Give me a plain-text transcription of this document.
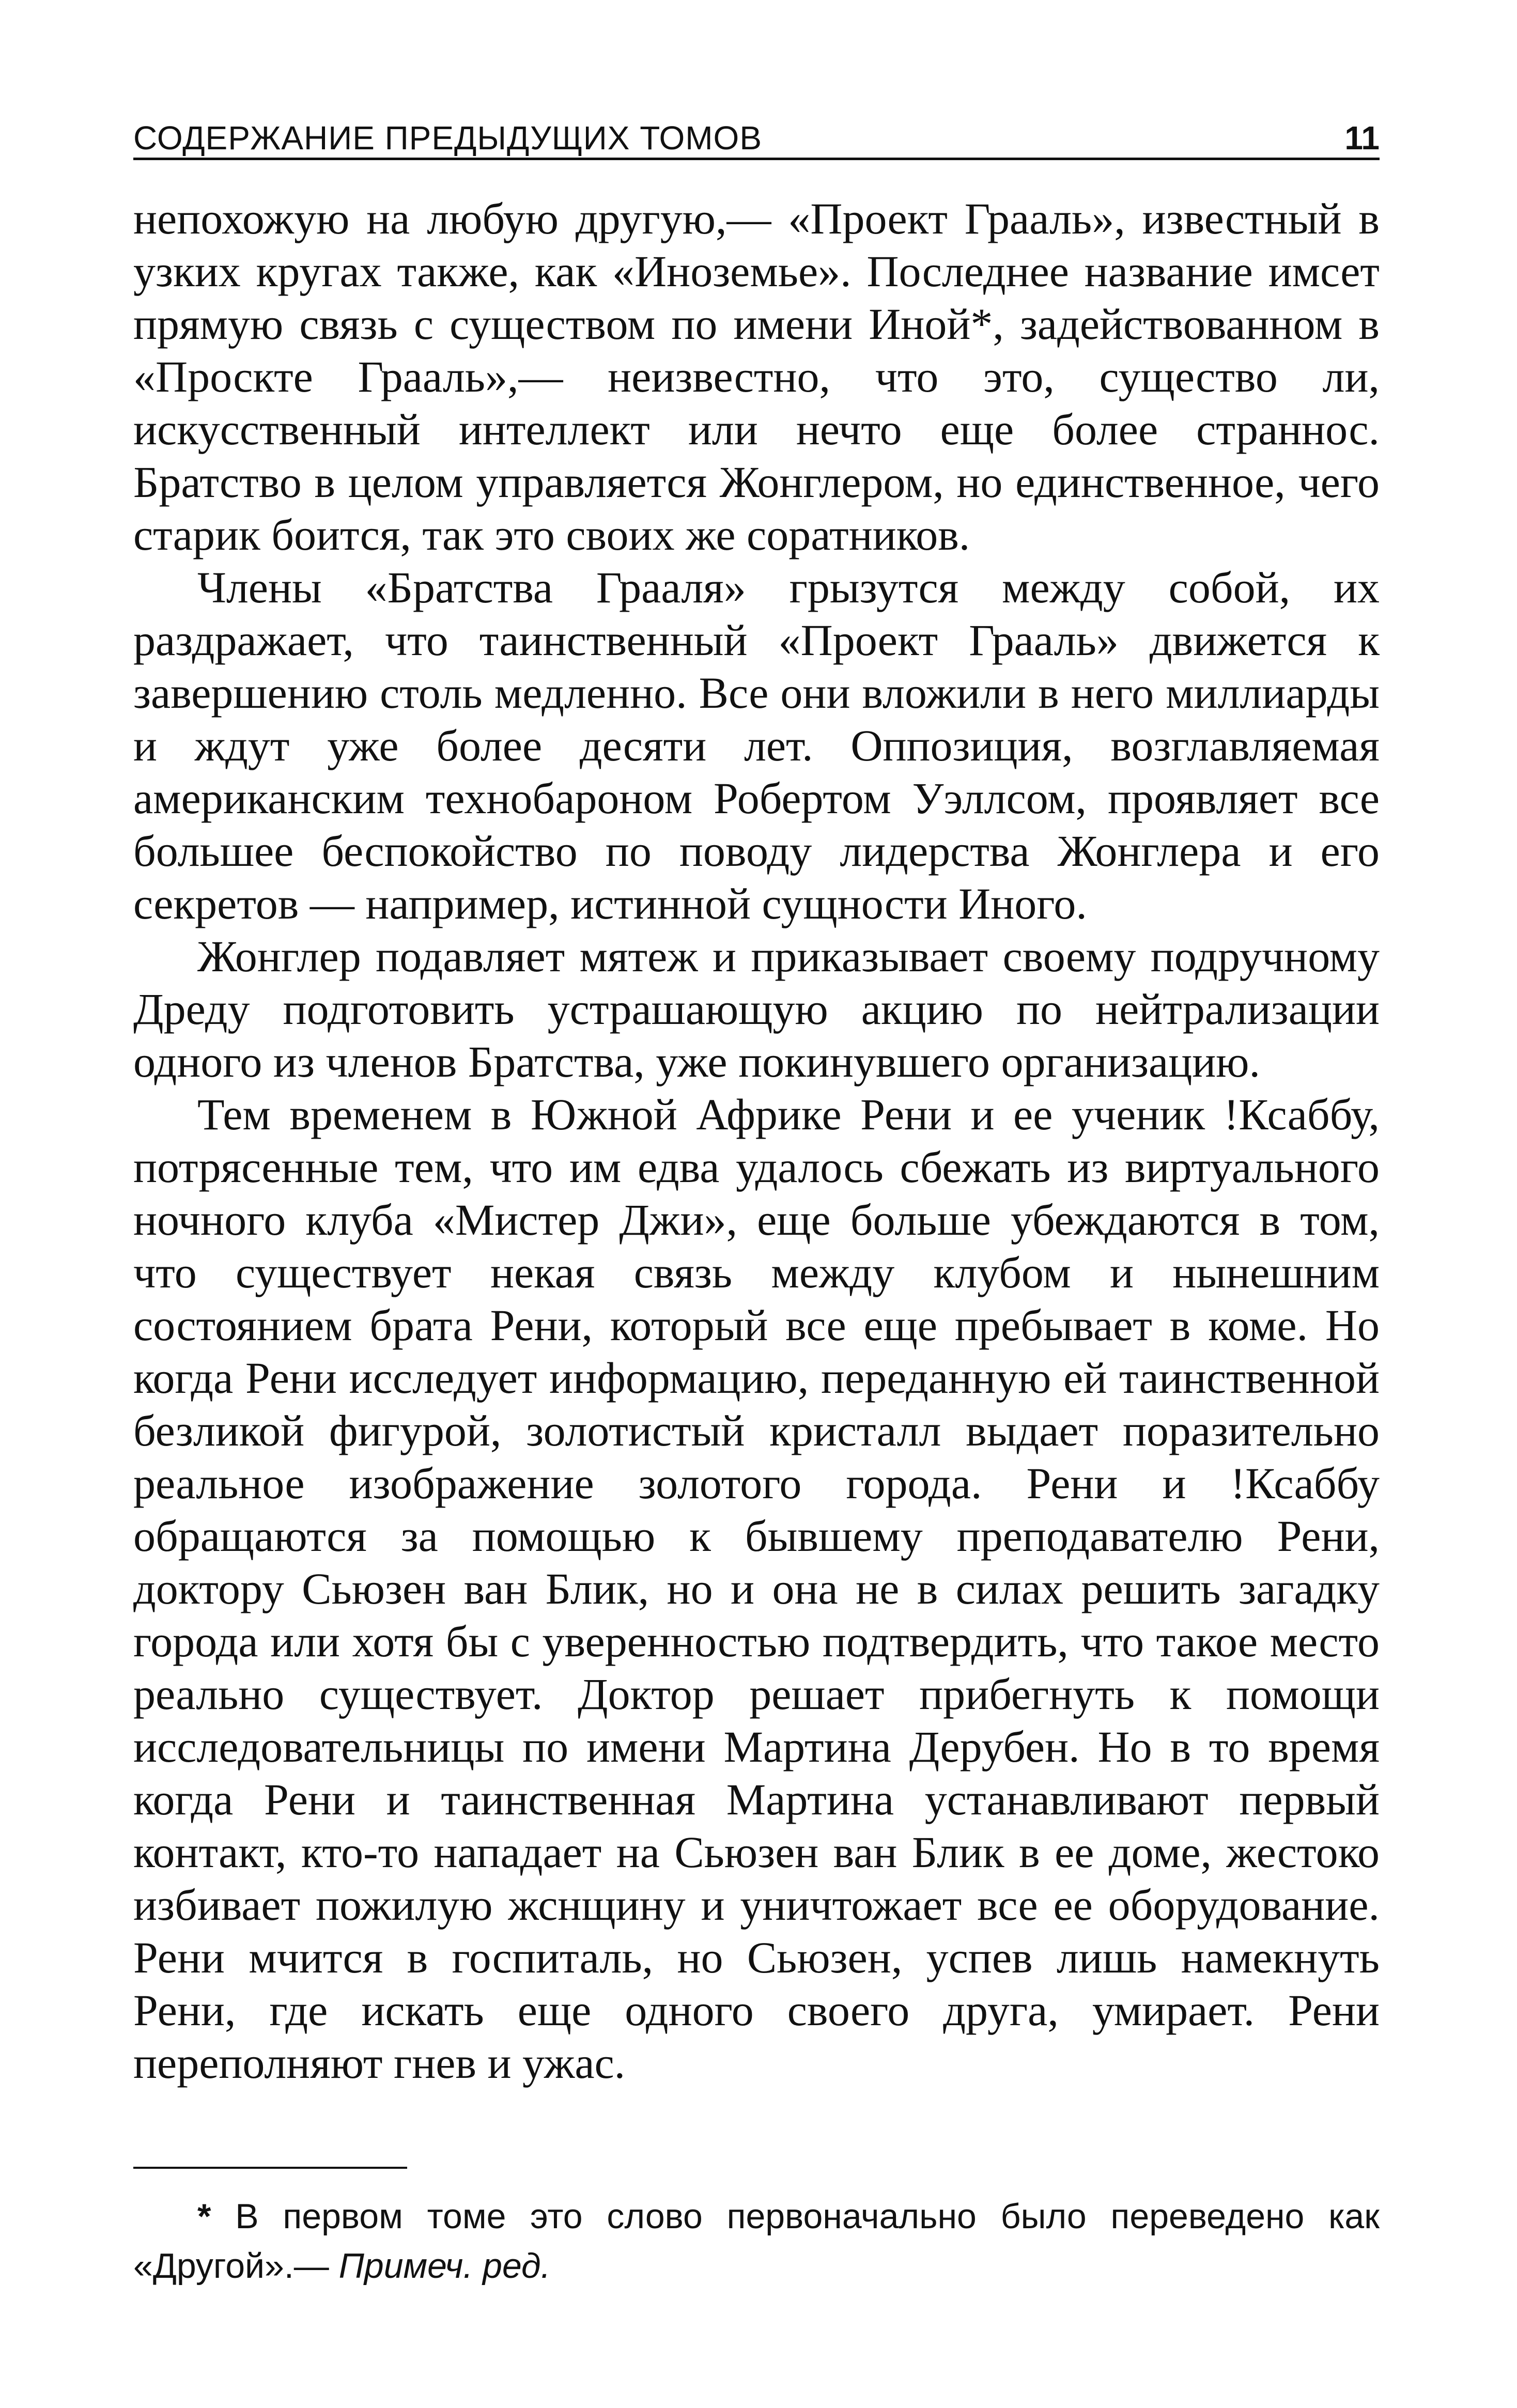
СОДЕРЖАНИЕ ПРЕДЫДУЩИХ ТОМОВ	11

непохожую на любую другую,— «Проект Грааль», известный в узких кругах также, как «Иноземье». Последнее название имсет прямую связь с существом по имени Иной*, задействованном в «Проскте Грааль»,— неизвестно, что это, существо ли, искусственный интеллект или нечто еще более страннос. Братство в целом управляется Жонглером, но единственное, чего старик боится, так это своих же соратников.

Члены «Братства Грааля» грызутся между собой, их раздражает, что таинственный «Проект Грааль» движется к завершению столь медленно. Все они вложили в него миллиарды и ждут уже более десяти лет. Оппозиция, возглавляемая американским технобароном Робертом Уэллсом, проявляет все большее беспокойство по поводу лидерства Жонглера и его секретов — например, истинной сущности Иного.

Жонглер подавляет мятеж и приказывает своему подручному Дреду подготовить устрашающую акцию по нейтрализации одного из членов Братства, уже покинувшего организацию.

Тем временем в Южной Африке Рени и ее ученик !Ксаббу, потрясенные тем, что им едва удалось сбежать из виртуального ночного клуба «Мистер Джи», еще больше убеждаются в том, что существует некая связь между клубом и нынешним состоянием брата Рени, который все еще пребывает в коме. Но когда Рени исследует информацию, переданную ей таинственной безликой фигурой, золотистый кристалл выдает поразительно реальное изображение золотого города. Рени и !Ксаббу обращаются за помощью к бывшему преподавателю Рени, доктору Сьюзен ван Блик, но и она не в силах решить загадку города или хотя бы с уверенностью подтвердить, что такое место реально существует. Доктор решает прибегнуть к помощи исследовательницы по имени Мартина Дерубен. Но в то время когда Рени и таинственная Мартина устанавливают первый контакт, кто-то нападает на Сьюзен ван Блик в ее доме, жестоко избивает пожилую жснщину и уничтожает все ее оборудование. Рени мчится в госпиталь, но Сьюзен, успев лишь намекнуть Рени, где искать еще одного своего друга, умирает. Рени переполняют гнев и ужас.

* В первом томе это слово первоначально было переведено как «Другой».— Примеч. ред.
